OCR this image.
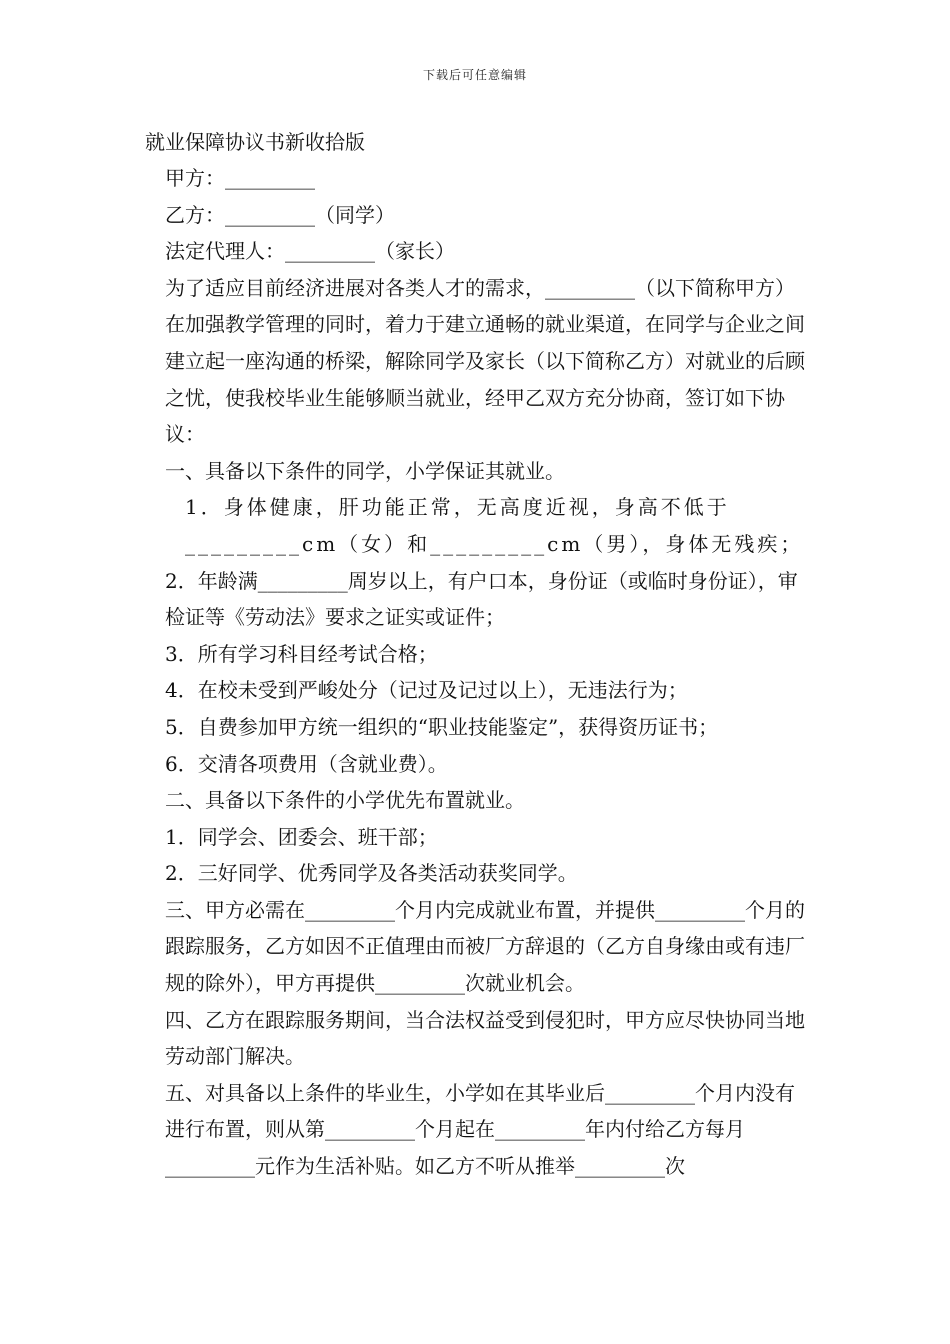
下载后可任意编辑
就业保障协议书新收拾版

甲方：_________

乙方：_________（同学）

法定代理人：_________（家长）

为了适应目前经济进展对各类人才的需求，_________（以下简称甲方）在加强教学管理的同时，着力于建立通畅的就业渠道，在同学与企业之间建立起一座沟通的桥梁，解除同学及家长（以下简称乙方）对就业的后顾之忧，使我校毕业生能够顺当就业，经甲乙双方充分协商，签订如下协议：

一、具备以下条件的同学，小学保证其就业。

1．身体健康，肝功能正常，无高度近视，身高不低于_________cm（女）和_________cm（男），身体无残疾；

2．年龄满_________周岁以上，有户口本，身份证（或临时身份证），审检证等《劳动法》要求之证实或证件；

3．所有学习科目经考试合格；

4．在校未受到严峻处分（记过及记过以上），无违法行为；

5．自费参加甲方统一组织的“职业技能鉴定”，获得资历证书；

6．交清各项费用（含就业费）。

二、具备以下条件的小学优先布置就业。

1．同学会、团委会、班干部；

2．三好同学、优秀同学及各类活动获奖同学。

三、甲方必需在_________个月内完成就业布置，并提供_________个月的跟踪服务，乙方如因不正值理由而被厂方辞退的（乙方自身缘由或有违厂规的除外），甲方再提供_________次就业机会。

四、乙方在跟踪服务期间，当合法权益受到侵犯时，甲方应尽快协同当地劳动部门解决。

五、对具备以上条件的毕业生，小学如在其毕业后_________个月内没有进行布置，则从第_________个月起在_________年内付给乙方每月_________元作为生活补贴。如乙方不听从推举_________次
